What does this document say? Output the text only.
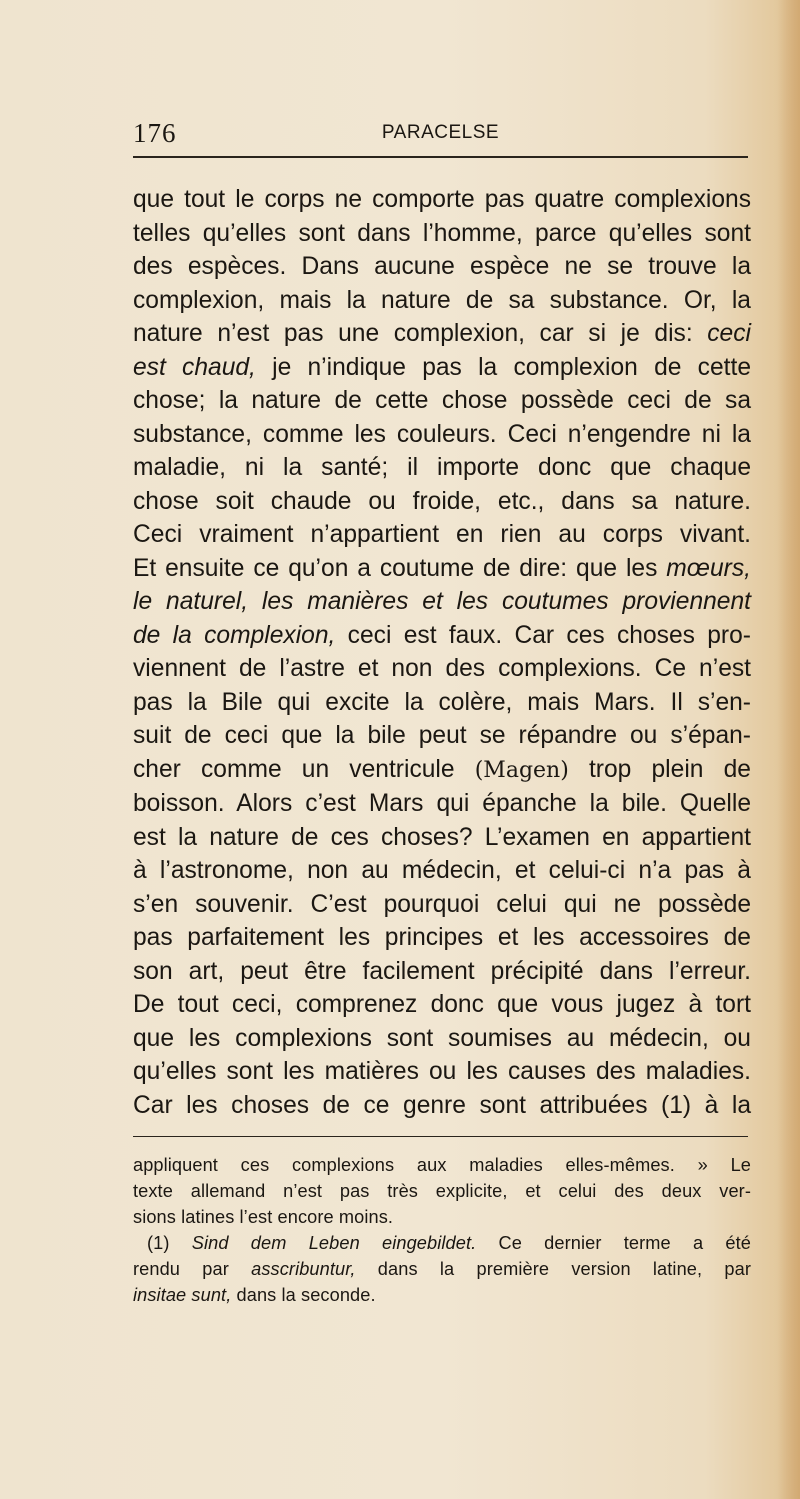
176	PARACELSE
que tout le corps ne comporte pas quatre complexions
telles qu’elles sont dans l’homme, parce qu’elles sont
des espèces. Dans aucune espèce ne se trouve la
complexion, mais la nature de sa substance. Or, la
nature n’est pas une complexion, car si je dis: ceci
est chaud, je n’indique pas la complexion de cette
chose; la nature de cette chose possède ceci de sa
substance, comme les couleurs. Ceci n’engendre ni la
maladie, ni la santé; il importe donc que chaque
chose soit chaude ou froide, etc., dans sa nature.
Ceci vraiment n’appartient en rien au corps vivant.
Et ensuite ce qu’on a coutume de dire: que les mœurs,
le naturel, les manières et les coutumes proviennent
de la complexion, ceci est faux. Car ces choses pro-
viennent de l’astre et non des complexions. Ce n’est
pas la Bile qui excite la colère, mais Mars. Il s’en-
suit de ceci que la bile peut se répandre ou s’épan-
cher comme un ventricule (Magen) trop plein de
boisson. Alors c’est Mars qui épanche la bile. Quelle
est la nature de ces choses? L’examen en appartient
à l’astronome, non au médecin, et celui-ci n’a pas à
s’en souvenir. C’est pourquoi celui qui ne possède
pas parfaitement les principes et les accessoires de
son art, peut être facilement précipité dans l’erreur.
De tout ceci, comprenez donc que vous jugez à tort
que les complexions sont soumises au médecin, ou
qu’elles sont les matières ou les causes des maladies.
Car les choses de ce genre sont attribuées (1) à la
appliquent ces complexions aux maladies elles-mêmes. » Le
texte allemand n’est pas très explicite, et celui des deux ver-
sions latines l’est encore moins.
(1) Sind dem Leben eingebildet. Ce dernier terme a été
rendu par asscribuntur, dans la première version latine, par
insitae sunt, dans la seconde.
